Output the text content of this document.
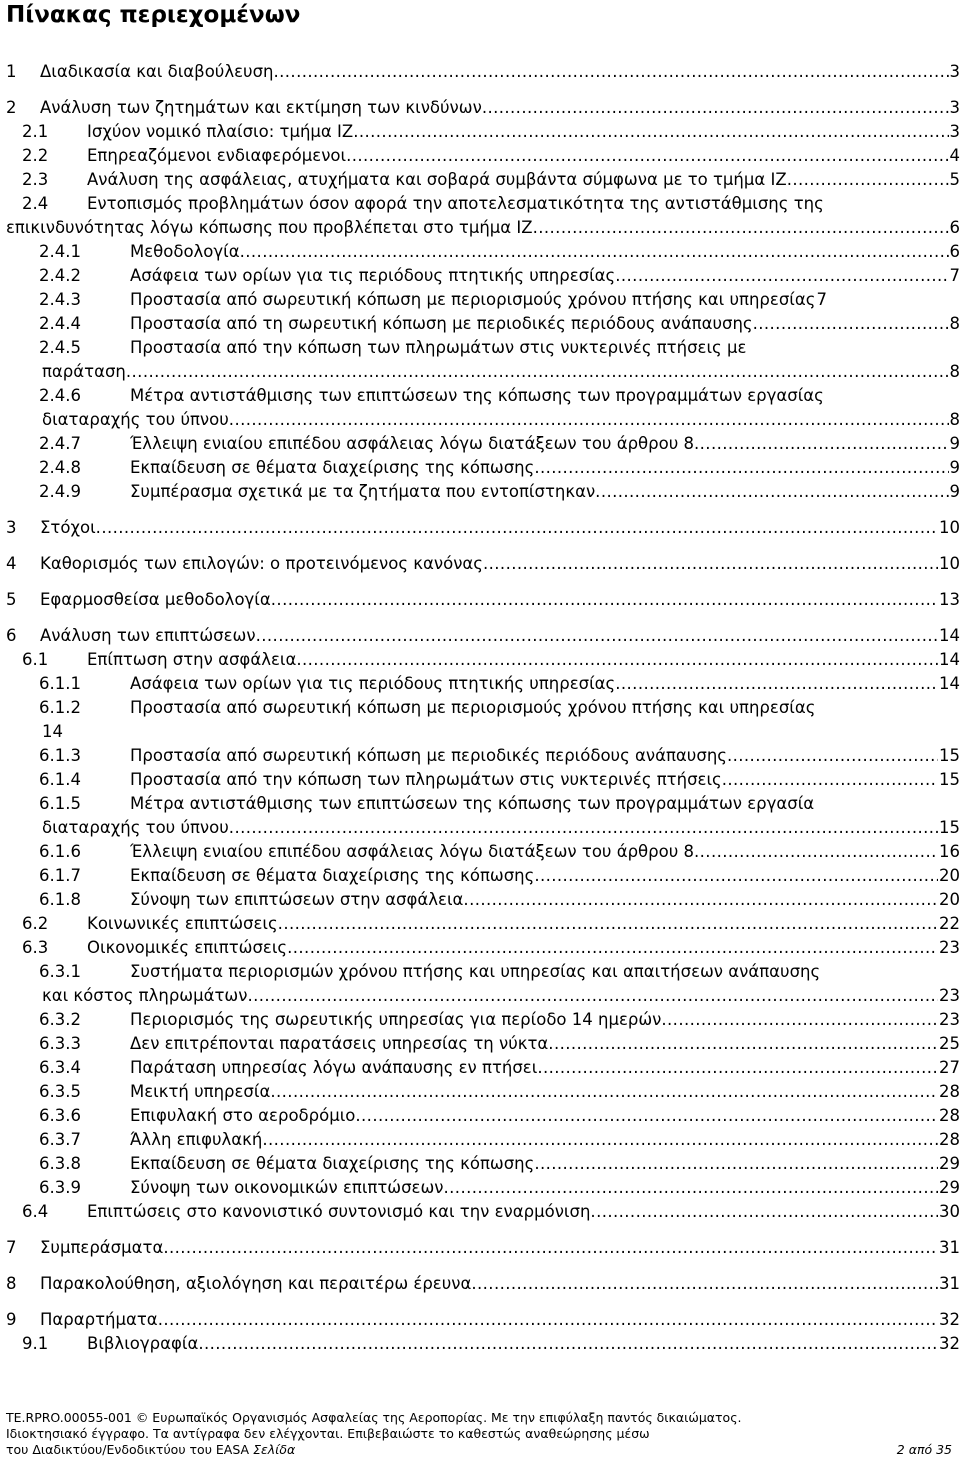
Πίνακας περιεχομένων
1	Διαδικασία και διαβούλευση .....	3
2	Ανάλυση των ζητημάτων και εκτίμηση των κινδύνων .....	3
2.1	Ισχύον νομικό πλαίσιο: τμήμα IZ .....	3
2.2	Επηρεαζόμενοι ενδιαφερόμενοι .....	4
2.3	Ανάλυση της ασφάλειας, ατυχήματα και σοβαρά συμβάντα σύμφωνα με το τμήμα IZ .....	5
2.4	Εντοπισμός προβλημάτων όσον αφορά την αποτελεσματικότητα της αντιστάθμισης της
επικινδυνότητας λόγω κόπωσης που προβλέπεται στο τμήμα IZ .....	6
2.4.1	Μεθοδολογία .....	6
2.4.2	Ασάφεια των ορίων για τις περιόδους πτητικής υπηρεσίας .....	7
2.4.3	Προστασία από σωρευτική κόπωση με περιορισμούς χρόνου πτήσης και υπηρεσίας 7
2.4.4	Προστασία από τη σωρευτική κόπωση με περιοδικές περιόδους ανάπαυσης .....	8
2.4.5	Προστασία από την κόπωση των πληρωμάτων στις νυκτερινές πτήσεις με
παράταση .....	8
2.4.6	Μέτρα αντιστάθμισης των επιπτώσεων της κόπωσης των προγραμμάτων εργασίας
διαταραχής του ύπνου .....	8
2.4.7	Έλλειψη ενιαίου επιπέδου ασφάλειας λόγω διατάξεων του άρθρου 8 .....	9
2.4.8	Εκπαίδευση σε θέματα διαχείρισης της κόπωσης .....	9
2.4.9	Συμπέρασμα σχετικά με τα ζητήματα που εντοπίστηκαν .....	9
3	Στόχοι .....	10
4	Καθορισμός των επιλογών: ο προτεινόμενος κανόνας .....	10
5	Εφαρμοσθείσα μεθοδολογία .....	13
6	Ανάλυση των επιπτώσεων .....	14
6.1	Επίπτωση στην ασφάλεια .....	14
6.1.1	Ασάφεια των ορίων για τις περιόδους πτητικής υπηρεσίας .....	14
6.1.2	Προστασία από σωρευτική κόπωση με περιορισμούς χρόνου πτήσης και υπηρεσίας
14
6.1.3	Προστασία από σωρευτική κόπωση με περιοδικές περιόδους ανάπαυσης .....	15
6.1.4	Προστασία από την κόπωση των πληρωμάτων στις νυκτερινές πτήσεις .....	15
6.1.5	Μέτρα αντιστάθμισης των επιπτώσεων της κόπωσης των προγραμμάτων εργασία
διαταραχής του ύπνου .....	15
6.1.6	Έλλειψη ενιαίου επιπέδου ασφάλειας λόγω διατάξεων του άρθρου 8 .....	16
6.1.7	Εκπαίδευση σε θέματα διαχείρισης της κόπωσης .....	20
6.1.8	Σύνοψη των επιπτώσεων στην ασφάλεια .....	20
6.2	Κοινωνικές επιπτώσεις .....	22
6.3	Οικονομικές επιπτώσεις .....	23
6.3.1	Συστήματα περιορισμών χρόνου πτήσης και υπηρεσίας και απαιτήσεων ανάπαυσης
και κόστος πληρωμάτων .....	23
6.3.2	Περιορισμός της σωρευτικής υπηρεσίας για περίοδο 14 ημερών .....	23
6.3.3	Δεν επιτρέπονται παρατάσεις υπηρεσίας τη νύκτα .....	25
6.3.4	Παράταση υπηρεσίας λόγω ανάπαυσης εν πτήσει .....	27
6.3.5	Μεικτή υπηρεσία .....	28
6.3.6	Επιφυλακή στο αεροδρόμιο .....	28
6.3.7	Άλλη επιφυλακή .....	28
6.3.8	Εκπαίδευση σε θέματα διαχείρισης της κόπωσης .....	29
6.3.9	Σύνοψη των οικονομικών επιπτώσεων .....	29
6.4	Επιπτώσεις στο κανονιστικό συντονισμό και την εναρμόνιση .....	30
7	Συμπεράσματα .....	31
8	Παρακολούθηση, αξιολόγηση και περαιτέρω έρευνα .....	31
9	Παραρτήματα .....	32
9.1	Βιβλιογραφία .....	32
TE.RPRO.00055-001 © Ευρωπαϊκός Οργανισμός Ασφαλείας της Αεροπορίας. Με την επιφύλαξη παντός δικαιώματος.
Ιδιοκτησιακό έγγραφο. Τα αντίγραφα δεν ελέγχονται. Επιβεβαιώστε το καθεστώς αναθεώρησης μέσω
του Διαδικτύου/Ενδοδικτύου του EASA
Σελίδα	2 από 35
